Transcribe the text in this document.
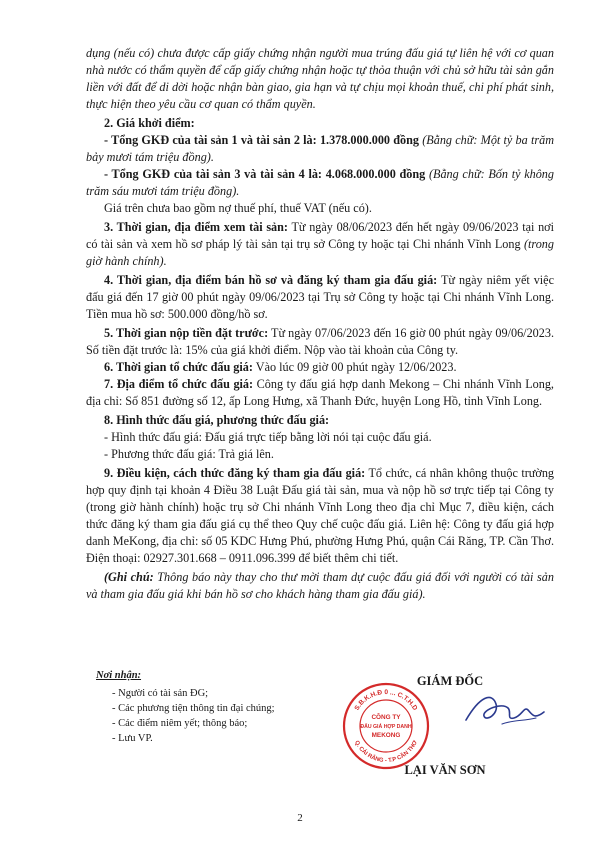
dụng (nếu có) chưa được cấp giấy chứng nhận người mua trúng đấu giá tự liên hệ với cơ quan nhà nước có thẩm quyền để cấp giấy chứng nhận hoặc tự thỏa thuận với chủ sở hữu tài sản gắn liền với đất để di dời hoặc nhận bàn giao, gia hạn và tự chịu mọi khoản thuế, chi phí phát sinh, thực hiện theo yêu cầu cơ quan có thẩm quyền.

2. Giá khởi điểm:

- Tổng GKĐ của tài sản 1 và tài sản 2 là: 1.378.000.000 đồng (Bằng chữ: Một tỷ ba trăm bảy mươi tám triệu đồng).

- Tổng GKĐ của tài sản 3 và tài sản 4 là: 4.068.000.000 đồng (Bằng chữ: Bốn tỷ không trăm sáu mươi tám triệu đồng).

Giá trên chưa bao gồm nợ thuế phí, thuế VAT (nếu có).

3. Thời gian, địa điểm xem tài sản: Từ ngày 08/06/2023 đến hết ngày 09/06/2023 tại nơi có tài sản và xem hồ sơ pháp lý tài sản tại trụ sở Công ty hoặc tại Chi nhánh Vĩnh Long (trong giờ hành chính).

4. Thời gian, địa điểm bán hồ sơ và đăng ký tham gia đấu giá: Từ ngày niêm yết việc đấu giá đến 17 giờ 00 phút ngày 09/06/2023 tại Trụ sở Công ty hoặc tại Chi nhánh Vĩnh Long. Tiền mua hồ sơ: 500.000 đồng/hồ sơ.

5. Thời gian nộp tiền đặt trước: Từ ngày 07/06/2023 đến 16 giờ 00 phút ngày 09/06/2023. Số tiền đặt trước là: 15% của giá khởi điểm. Nộp vào tài khoản của Công ty.

6. Thời gian tổ chức đấu giá: Vào lúc 09 giờ 00 phút ngày 12/06/2023.

7. Địa điểm tổ chức đấu giá: Công ty đấu giá hợp danh Mekong – Chi nhánh Vĩnh Long, địa chỉ: Số 851 đường số 12, ấp Long Hưng, xã Thanh Đức, huyện Long Hồ, tỉnh Vĩnh Long.

8. Hình thức đấu giá, phương thức đấu giá:

- Hình thức đấu giá: Đấu giá trực tiếp bằng lời nói tại cuộc đấu giá.

- Phương thức đấu giá: Trả giá lên.

9. Điều kiện, cách thức đăng ký tham gia đấu giá: Tổ chức, cá nhân không thuộc trường hợp quy định tại khoản 4 Điều 38 Luật Đấu giá tài sản, mua và nộp hồ sơ trực tiếp tại Công ty (trong giờ hành chính) hoặc trụ sở Chi nhánh Vĩnh Long theo địa chỉ Mục 7, điều kiện, cách thức đăng ký tham gia đấu giá cụ thể theo Quy chế cuộc đấu giá. Liên hệ: Công ty đấu giá hợp danh MeKong, địa chỉ: số 05 KDC Hưng Phú, phường Hưng Phú, quận Cái Răng, TP. Cần Thơ. Điện thoại: 02927.301.668 – 0911.096.399 để biết thêm chi tiết.

(Ghi chú: Thông báo này thay cho thư mời tham dự cuộc đấu giá đối với người có tài sản và tham gia đấu giá khi bán hồ sơ cho khách hàng tham gia đấu giá).

Nơi nhận:
- Người có tài sản ĐG;
- Các phương tiện thông tin đại chúng;
- Các điểm niêm yết; thông báo;
- Lưu VP.
GIÁM ĐỐC
S.B.K.H.Đ 0 ... C.T.H.D
Q. CÁI RĂNG - T.P CẦN THƠ
CÔNG TY
ĐẤU GIÁ HỢP DANH
MEKONG
LẠI VĂN SƠN
2
